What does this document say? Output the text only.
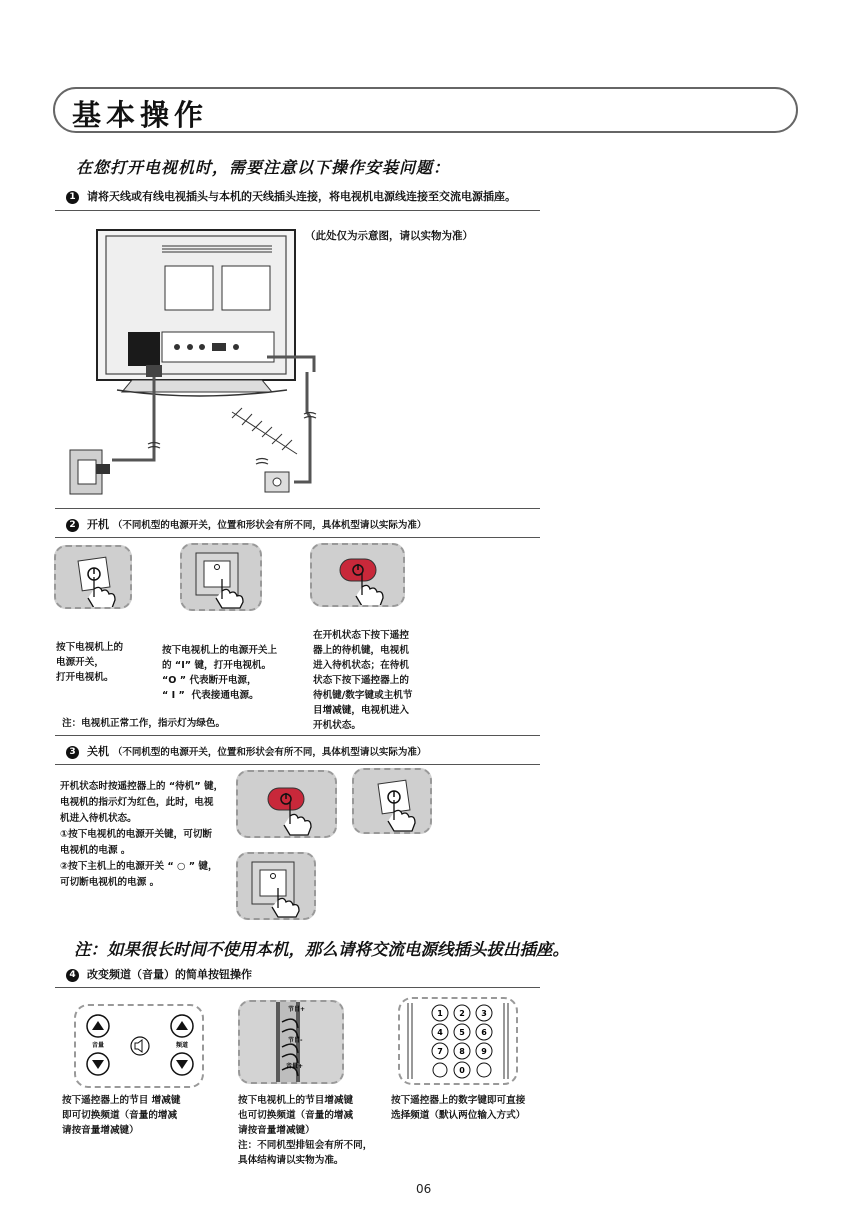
基本操作
在您打开电视机时，需要注意以下操作安装问题：
1 请将天线或有线电视插头与本机的天线插头连接，将电视机电源线连接至交流电源插座。
（此处仅为示意图，请以实物为准）
2 开机 （不同机型的电源开关，位置和形状会有所不同，具体机型请以实际为准）
按下电视机上的
电源开关，
打开电视机。
按下电视机上的电源开关上
的 “I” 键，打开电视机。
“O ” 代表断开电源，
“ I ”  代表接通电源。
在开机状态下按下遥控
器上的待机键，电视机
进入待机状态；在待机
状态下按下遥控器上的
待机键/数字键或主机节
目增减键，电视机进入
开机状态。
注：电视机正常工作，指示灯为绿色。
3 关机 （不同机型的电源开关，位置和形状会有所不同，具体机型请以实际为准）
开机状态时按遥控器上的 “待机” 键，
电视机的指示灯为红色，此时，电视
机进入待机状态。
①按下电视机的电源开关键，可切断
电视机的电源 。
②按下主机上的电源开关 “ ○ ” 键，
可切断电视机的电源 。
注：如果很长时间不使用本机，那么请将交流电源线插头拔出插座。
4 改变频道（音量）的简单按钮操作
音量	频道
节目+
节目-
音量+
1 2 3
4 5 6
7 8 9
0
按下遥控器上的节目 增减键
即可切换频道（音量的增减
请按音量增减键）
按下电视机上的节目增减键
也可切换频道（音量的增减
请按音量增减键）
注：不同机型排钮会有所不同，
具体结构请以实物为准。
按下遥控器上的数字键即可直接
选择频道（默认两位输入方式）
06
